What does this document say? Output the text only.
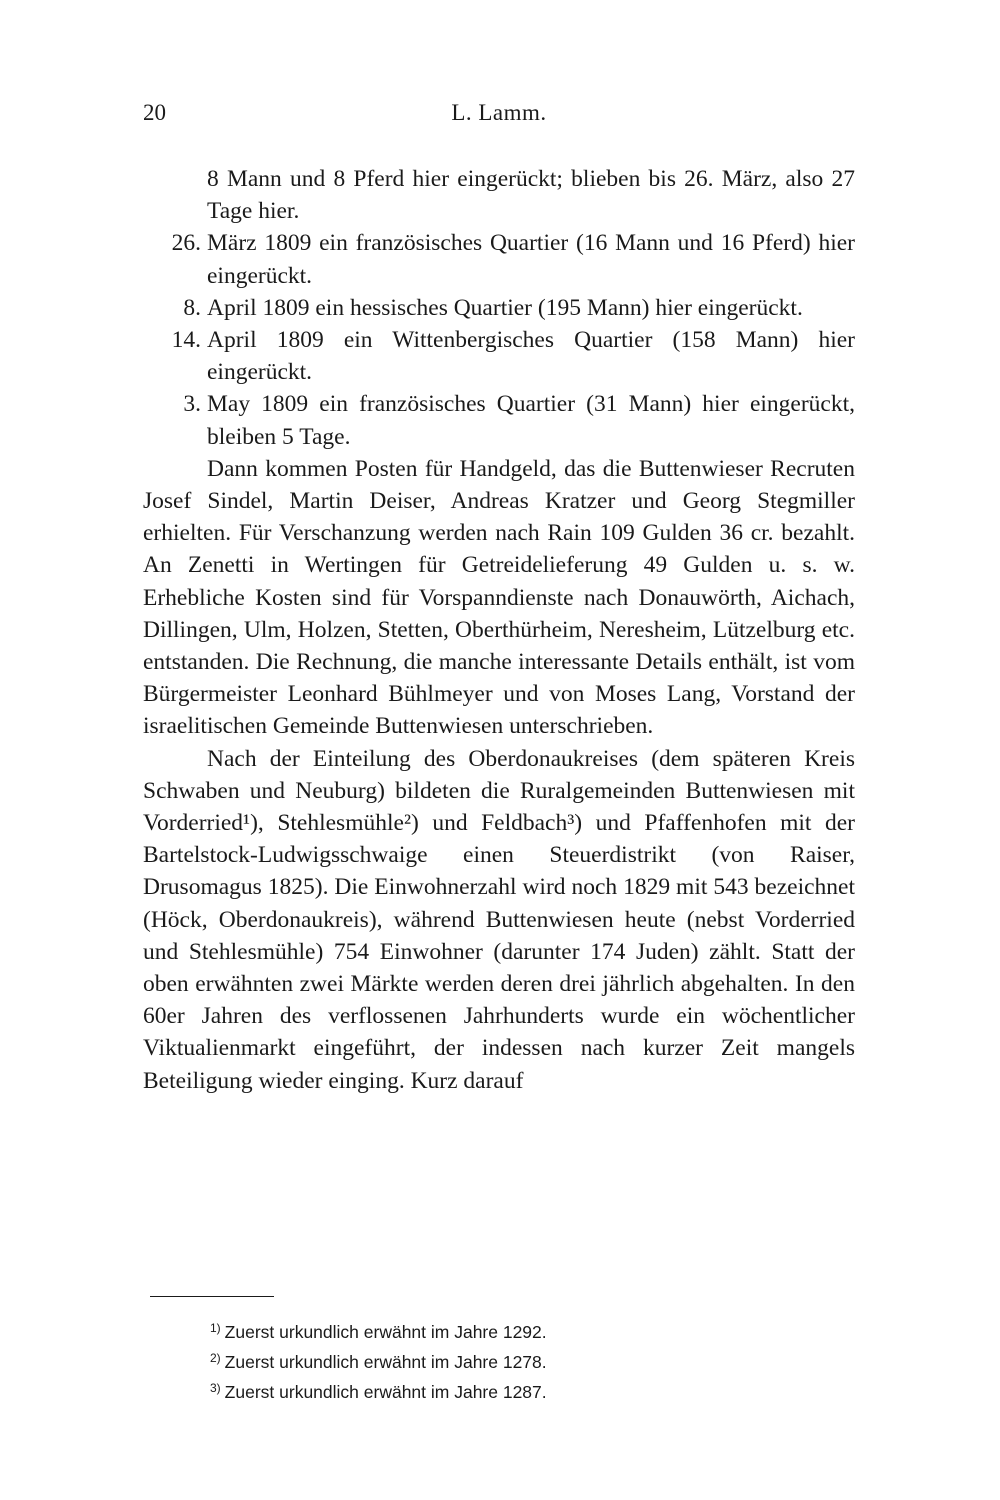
20	L. Lamm.

8 Mann und 8 Pferd hier eingerückt; blieben bis 26. März, also 27 Tage hier.

26. März 1809 ein französisches Quartier (16 Mann und 16 Pferd) hier eingerückt.

8. April 1809 ein hessisches Quartier (195 Mann) hier eingerückt.

14. April 1809 ein Wittenbergisches Quartier (158 Mann) hier eingerückt.

3. May 1809 ein französisches Quartier (31 Mann) hier eingerückt, bleiben 5 Tage.

Dann kommen Posten für Handgeld, das die Buttenwieser Recruten Josef Sindel, Martin Deiser, Andreas Kratzer und Georg Stegmiller erhielten. Für Verschanzung werden nach Rain 109 Gulden 36 cr. bezahlt. An Zenetti in Wertingen für Getreidelieferung 49 Gulden u. s. w. Erhebliche Kosten sind für Vorspanndienste nach Donauwörth, Aichach, Dillingen, Ulm, Holzen, Stetten, Oberthürheim, Neresheim, Lützelburg etc. entstanden. Die Rechnung, die manche interessante Details enthält, ist vom Bürgermeister Leonhard Bühlmeyer und von Moses Lang, Vorstand der israelitischen Gemeinde Buttenwiesen unterschrieben.

Nach der Einteilung des Oberdonaukreises (dem späteren Kreis Schwaben und Neuburg) bildeten die Ruralgemeinden Buttenwiesen mit Vorderried¹), Stehlesmühle²) und Feldbach³) und Pfaffenhofen mit der Bartelstock-Ludwigsschwaige einen Steuerdistrikt (von Raiser, Drusomagus 1825). Die Einwohnerzahl wird noch 1829 mit 543 bezeichnet (Höck, Oberdonaukreis), während Buttenwiesen heute (nebst Vorderried und Stehlesmühle) 754 Einwohner (darunter 174 Juden) zählt. Statt der oben erwähnten zwei Märkte werden deren drei jährlich abgehalten. In den 60er Jahren des verflossenen Jahrhunderts wurde ein wöchentlicher Viktualienmarkt eingeführt, der indessen nach kurzer Zeit mangels Beteiligung wieder einging. Kurz darauf

$^{1)}$ Zuerst urkundlich erwähnt im Jahre 1292.

$^{2)}$ Zuerst urkundlich erwähnt im Jahre 1278.

$^{3)}$ Zuerst urkundlich erwähnt im Jahre 1287.
